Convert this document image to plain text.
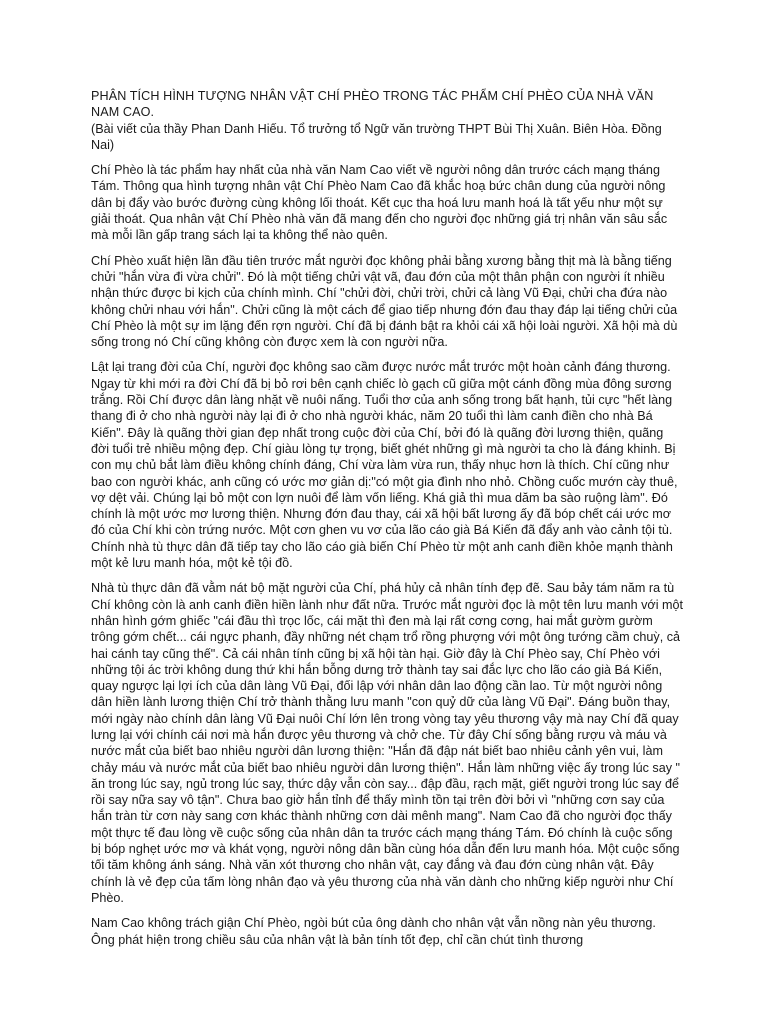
PHÂN TÍCH HÌNH TƯỢNG NHÂN VẬT CHÍ PHÈO TRONG TÁC PHẨM CHÍ PHÈO CỦA NHÀ VĂN
NAM CAO.

(Bài viết của thầy Phan Danh Hiếu. Tổ trưởng tổ Ngữ văn trường THPT Bùi Thị Xuân. Biên Hòa. Đồng Nai)

Chí Phèo là tác phẩm hay nhất của nhà văn Nam Cao viết về người nông dân trước cách mạng tháng Tám. Thông qua hình tượng nhân vật Chí Phèo Nam Cao đã khắc hoạ bức chân dung của người nông dân bị đẩy vào bước đường cùng không lối thoát. Kết cục tha hoá lưu manh hoá là tất yếu như một sự giải thoát. Qua nhân vật Chí Phèo nhà văn đã mang đến cho người đọc những giá trị nhân văn sâu sắc mà mỗi lần gấp trang sách lại ta không thể nào quên.

Chí Phèo xuất hiện lần đầu tiên trước mắt người đọc không phải bằng xương bằng thịt mà là bằng tiếng chửi "hắn vừa đi vừa chửi". Đó là một tiếng chửi vật vã, đau đớn của một thân phận con người ít nhiều nhận thức được bi kịch của chính mình. Chí "chửi đời, chửi trời, chửi cả làng Vũ Đại, chửi cha đứa nào không chửi nhau với hắn". Chửi cũng là một cách để giao tiếp nhưng đớn đau thay đáp lại tiếng chửi của Chí Phèo là một sự im lặng đến rợn người. Chí đã bị đánh bật ra khỏi cái xã hội loài người. Xã hội mà dù sống trong nó Chí cũng không còn được xem là con người nữa.

Lật lại trang đời của Chí, người đọc không sao cầm được nước mắt trước một hoàn cảnh đáng thương. Ngay từ khi mới ra đời Chí đã bị bỏ rơi bên cạnh chiếc lò gạch cũ giữa một cánh đồng mùa đông sương trắng. Rồi Chí được dân làng nhặt về nuôi nấng. Tuổi thơ của anh sống trong bất hạnh, tủi cực "hết làng thang đi ở cho nhà người này lại đi ở cho nhà người khác, năm 20 tuổi thì làm canh điền cho nhà Bá Kiến". Đây là quãng thời gian đẹp nhất trong cuộc đời của Chí, bởi đó là quãng đời lương thiện, quãng đời tuổi trẻ nhiều mộng đẹp. Chí giàu lòng tự trọng, biết ghét những gì mà người ta cho là đáng khinh. Bị con mụ chủ bắt làm điều không chính đáng, Chí vừa làm vừa run, thấy nhục hơn là thích. Chí cũng như bao con người khác, anh cũng có ước mơ giản dị:"có một gia đình nho nhỏ. Chồng cuốc mướn cày thuê, vợ dệt vải. Chúng lại bỏ một con lợn nuôi để làm vốn liếng. Khá giả thì mua dăm ba sào ruộng làm". Đó chính là một ước mơ lương thiện. Nhưng đớn đau thay, cái xã hội bất lương ấy đã bóp chết cái ước mơ đó của Chí khi còn trứng nước. Một cơn ghen vu vơ của lão cáo già Bá Kiến đã đẩy anh vào cảnh tội tù. Chính nhà tù thực dân đã tiếp tay cho lão cáo già biến Chí Phèo từ một anh canh điền khỏe mạnh thành một kẻ lưu manh hóa, một kẻ tội đồ.

Nhà tù thực dân đã vằm nát bộ mặt người của Chí, phá hủy cả nhân tính đẹp đẽ. Sau bảy tám năm ra tù Chí không còn là anh canh điền hiền lành như đất nữa. Trước mắt người đọc là một tên lưu manh với một nhân hình gớm ghiếc "cái đầu thì trọc lốc, cái mặt thì đen mà lại rất cơng cơng, hai mắt gườm gườm trông gớm chết... cái ngực phanh, đầy những nét chạm trổ rồng phượng với một ông tướng cầm chuỳ, cả hai cánh tay cũng thế". Cả cái nhân tính cũng bị xã hội tàn hại. Giờ đây là Chí Phèo say, Chí Phèo với những tội ác trời không dung thứ khi hắn bỗng dưng trở thành tay sai đắc lực cho lão cáo già Bá Kiến, quay ngược lại lợi ích của dân làng Vũ Đại, đối lập với nhân dân lao động cần lao. Từ một người nông dân hiền lành lương thiện Chí trở thành thằng lưu manh "con quỷ dữ của làng Vũ Đại". Đáng buồn thay, mới ngày nào chính dân làng Vũ Đại nuôi Chí lớn lên trong vòng tay yêu thương vậy mà nay Chí đã quay lưng lại với chính cái nơi mà hắn được yêu thương và chở che. Từ đây Chí sống bằng rượu và máu và nước mắt của biết bao nhiêu người dân lương thiện: "Hắn đã đập nát biết bao nhiêu cảnh yên vui, làm chảy máu và nước mắt của biết bao nhiêu người dân lương thiện". Hắn làm những việc ấy trong lúc say " ăn trong lúc say, ngủ trong lúc say, thức dậy vẫn còn say... đập đầu, rạch mặt, giết người trong lúc say để rồi say nữa say vô tận". Chưa bao giờ hắn tỉnh để thấy mình tồn tại trên đời bởi vì "những cơn say của hắn tràn từ cơn này sang cơn khác thành những cơn dài mênh mang". Nam Cao đã cho người đọc thấy một thực tế đau lòng về cuộc sống của nhân dân ta trước cách mạng tháng Tám. Đó chính là cuộc sống bị bóp nghẹt ước mơ và khát vọng, người nông dân bần cùng hóa dẫn đến lưu manh hóa. Một cuộc sống tối tăm không ánh sáng. Nhà văn xót thương cho nhân vật, cay đắng và đau đớn cùng nhân vật. Đây chính là vẻ đẹp của tấm lòng nhân đạo và yêu thương của nhà văn dành cho những kiếp người như Chí Phèo.

Nam Cao không trách giận Chí Phèo, ngòi bút của ông dành cho nhân vật vẫn nồng nàn yêu thương. Ông phát hiện trong chiều sâu của nhân vật là bản tính tốt đẹp, chỉ cần chút tình thương
